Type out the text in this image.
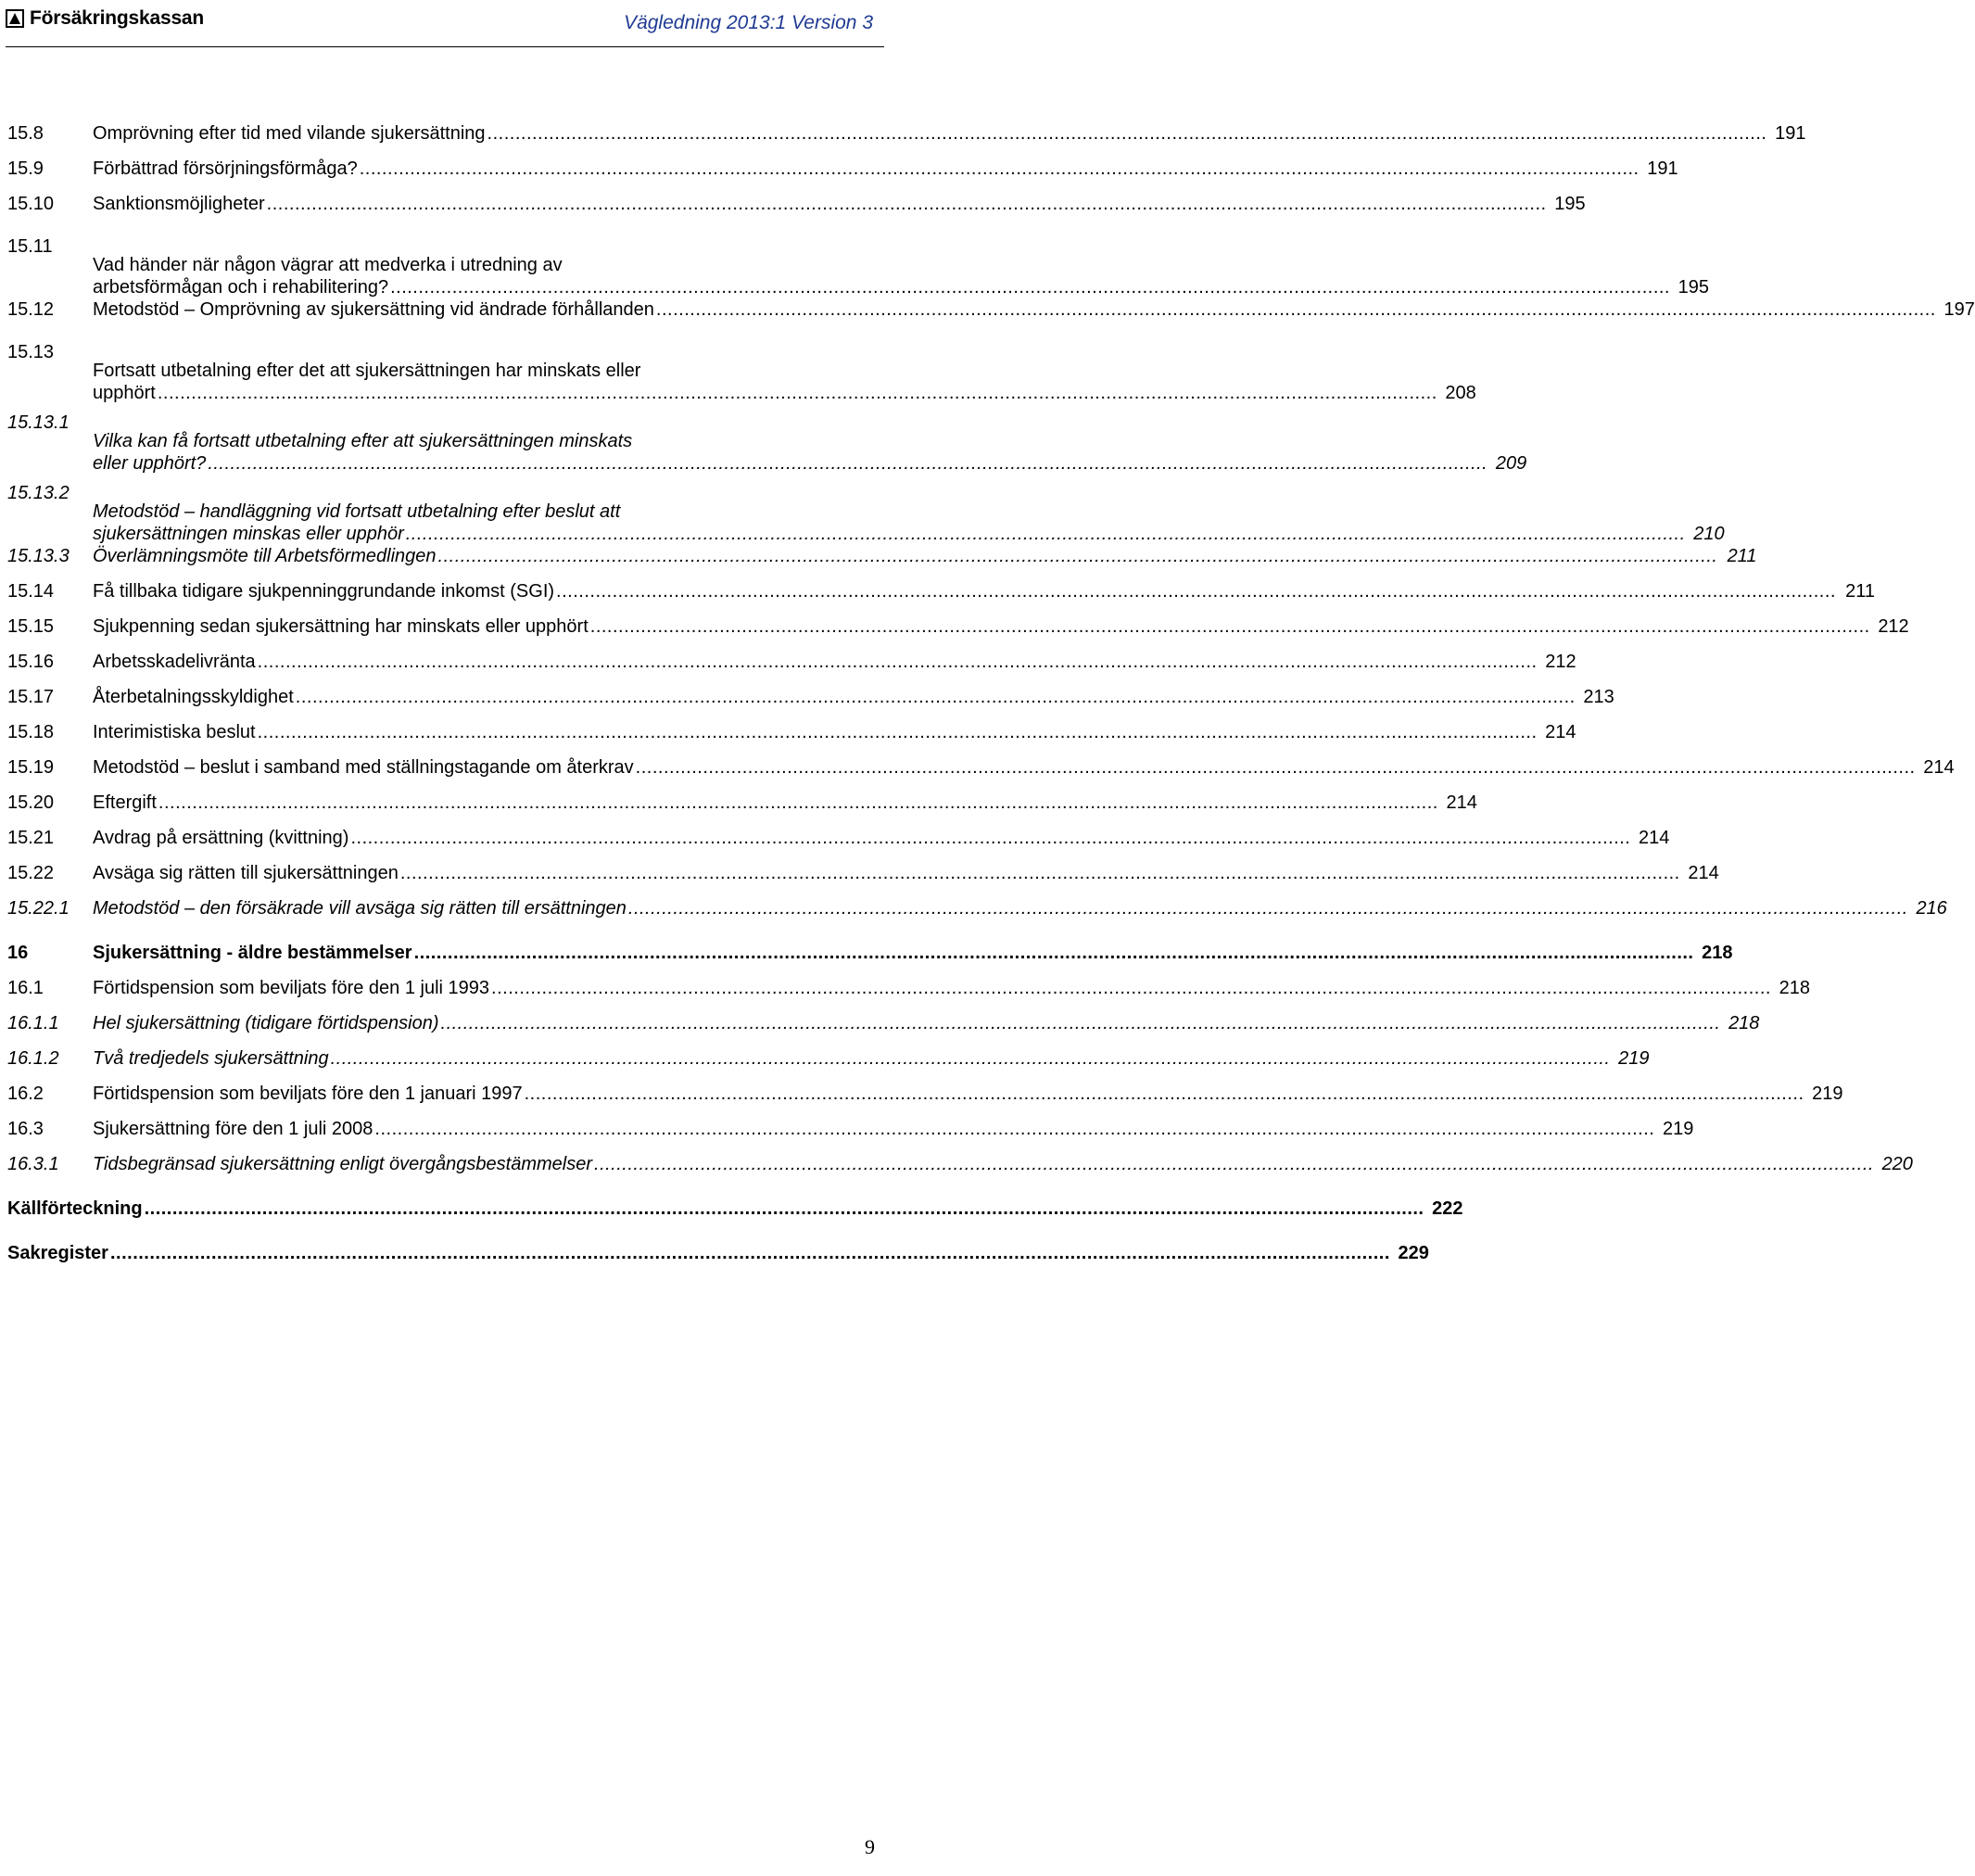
Försäkringskassan	Vägledning 2013:1 Version 3
15.8	Omprövning efter tid med vilande sjukersättning .....	191
15.9	Förbättrad försörjningsförmåga? .....	191
15.10	Sanktionsmöjligheter .....	195
15.11
Vad händer när någon vägrar att medverka i utredning av
arbetsförmågan och i rehabilitering? .....	195
15.12	Metodstöd – Omprövning av sjukersättning vid ändrade förhållanden .....	197
15.13
Fortsatt utbetalning efter det att sjukersättningen har minskats eller
upphört .....	208
15.13.1
Vilka kan få fortsatt utbetalning efter att sjukersättningen minskats
eller upphört? .....	209
15.13.2
Metodstöd – handläggning vid fortsatt utbetalning efter beslut att
sjukersättningen minskas eller upphör .....	210
15.13.3	Överlämningsmöte till Arbetsförmedlingen .....	211
15.14	Få tillbaka tidigare sjukpenninggrundande inkomst (SGI) .....	211
15.15	Sjukpenning sedan sjukersättning har minskats eller upphört .....	212
15.16	Arbetsskadelivränta .....	212
15.17	Återbetalningsskyldighet .....	213
15.18	Interimistiska beslut .....	214
15.19	Metodstöd – beslut i samband med ställningstagande om återkrav .....	214
15.20	Eftergift .....	214
15.21	Avdrag på ersättning (kvittning) .....	214
15.22	Avsäga sig rätten till sjukersättningen .....	214
15.22.1	Metodstöd – den försäkrade vill avsäga sig rätten till ersättningen .....	216
16	Sjukersättning - äldre bestämmelser .....	218
16.1	Förtidspension som beviljats före den 1 juli 1993 .....	218
16.1.1	Hel sjukersättning (tidigare förtidspension) .....	218
16.1.2	Två tredjedels sjukersättning .....	219
16.2	Förtidspension som beviljats före den 1 januari 1997 .....	219
16.3	Sjukersättning före den 1 juli 2008 .....	219
16.3.1	Tidsbegränsad sjukersättning enligt övergångsbestämmelser .....	220
Källförteckning .....	222
Sakregister .....	229
9
